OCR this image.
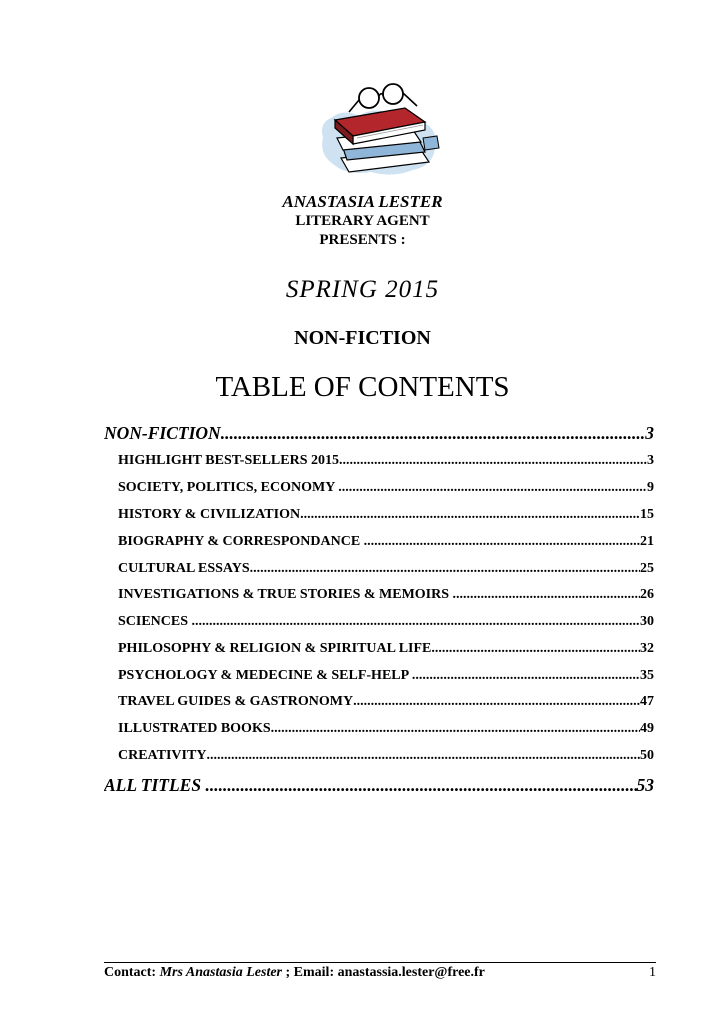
ANASTASIA LESTER
LITERARY AGENT
PRESENTS :
SPRING 2015
NON-FICTION
TABLE OF CONTENTS
NON-FICTION .....	3
HIGHLIGHT BEST-SELLERS 2015 .....	3
SOCIETY, POLITICS, ECONOMY .....	9
HISTORY & CIVILIZATION .....	15
BIOGRAPHY & CORRESPONDANCE .....	21
CULTURAL ESSAYS .....	25
INVESTIGATIONS & TRUE STORIES & MEMOIRS .....	26
SCIENCES .....	30
PHILOSOPHY & RELIGION & SPIRITUAL LIFE .....	32
PSYCHOLOGY & MEDECINE & SELF-HELP .....	35
TRAVEL GUIDES & GASTRONOMY .....	47
ILLUSTRATED BOOKS .....	49
CREATIVITY .....	50
ALL TITLES .....	53
Contact: Mrs Anastasia Lester ; Email: anastassia.lester@free.fr	1
